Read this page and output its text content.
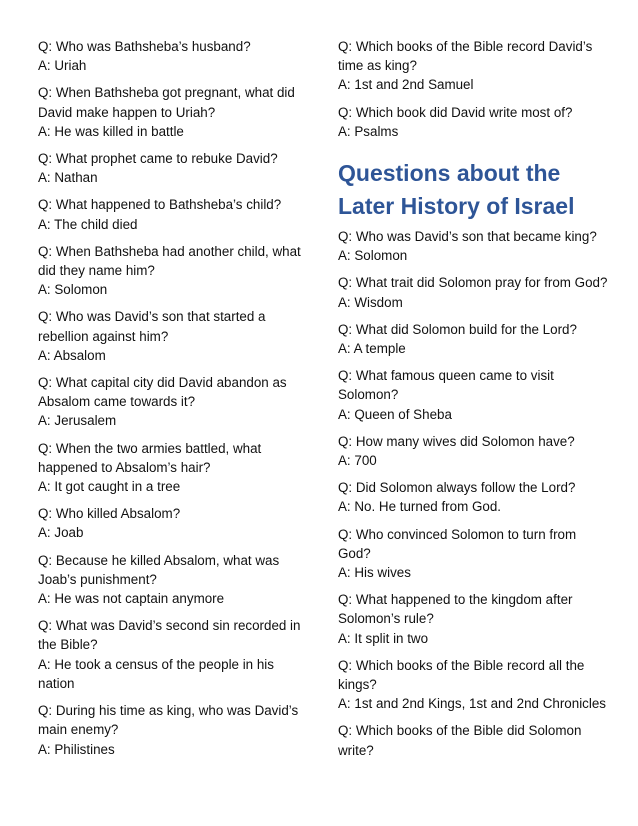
Q: Who was Bathsheba’s husband?

A: Uriah

Q: When Bathsheba got pregnant, what did David make happen to Uriah?

A: He was killed in battle

Q: What prophet came to rebuke David?

A: Nathan

Q: What happened to Bathsheba’s child?

A: The child died

Q: When Bathsheba had another child, what did they name him?

A: Solomon

Q: Who was David’s son that started a rebellion against him?

A: Absalom

Q: What capital city did David abandon as Absalom came towards it?

A: Jerusalem

Q: When the two armies battled, what happened to Absalom’s hair?

A: It got caught in a tree

Q: Who killed Absalom?

A: Joab

Q: Because he killed Absalom, what was Joab’s punishment?

A: He was not captain anymore

Q: What was David’s second sin recorded in the Bible?

A: He took a census of the people in his nation

Q: During his time as king, who was David’s main enemy?

A: Philistines

Q: Which books of the Bible record David’s time as king?

A: 1st and 2nd Samuel

Q: Which book did David write most of?

A: Psalms

Questions about the Later History of Israel

Q: Who was David’s son that became king?

A: Solomon

Q: What trait did Solomon pray for from God?

A: Wisdom

Q: What did Solomon build for the Lord?

A: A temple

Q: What famous queen came to visit Solomon?

A: Queen of Sheba

Q: How many wives did Solomon have?

A: 700

Q: Did Solomon always follow the Lord?

A: No. He turned from God.

Q: Who convinced Solomon to turn from God?

A: His wives

Q: What happened to the kingdom after Solomon’s rule?

A: It split in two

Q: Which books of the Bible record all the kings?

A: 1st and 2nd Kings, 1st and 2nd Chronicles

Q: Which books of the Bible did Solomon write?
